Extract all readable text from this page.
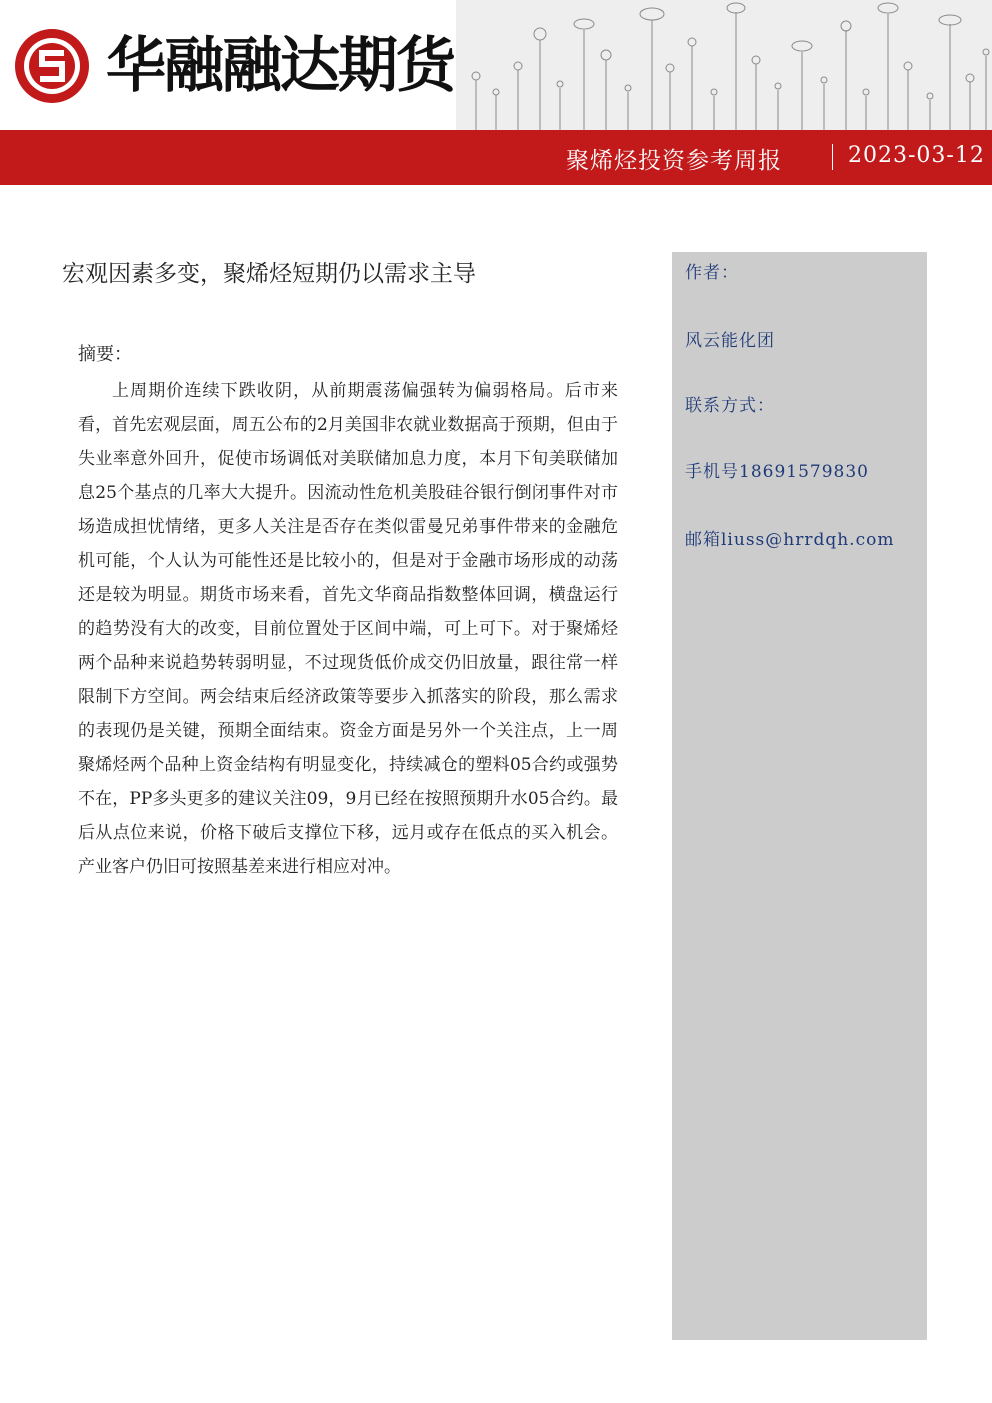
华融融达期货
聚烯烃投资参考周报	2023-03-12
宏观因素多变，聚烯烃短期仍以需求主导
摘要：

上周期价连续下跌收阴，从前期震荡偏强转为偏弱格局。后市来看，首先宏观层面，周五公布的2月美国非农就业数据高于预期，但由于失业率意外回升，促使市场调低对美联储加息力度，本月下旬美联储加息25个基点的几率大大提升。因流动性危机美股硅谷银行倒闭事件对市场造成担忧情绪，更多人关注是否存在类似雷曼兄弟事件带来的金融危机可能，个人认为可能性还是比较小的，但是对于金融市场形成的动荡还是较为明显。期货市场来看，首先文华商品指数整体回调，横盘运行的趋势没有大的改变，目前位置处于区间中端，可上可下。对于聚烯烃两个品种来说趋势转弱明显，不过现货低价成交仍旧放量，跟往常一样限制下方空间。两会结束后经济政策等要步入抓落实的阶段，那么需求的表现仍是关键，预期全面结束。资金方面是另外一个关注点，上一周聚烯烃两个品种上资金结构有明显变化，持续减仓的塑料05合约或强势不在，PP多头更多的建议关注09，9月已经在按照预期升水05合约。最后从点位来说，价格下破后支撑位下移，远月或存在低点的买入机会。产业客户仍旧可按照基差来进行相应对冲。

作者：
风云能化团
联系方式：
手机号18691579830
邮箱liuss@hrrdqh.com
